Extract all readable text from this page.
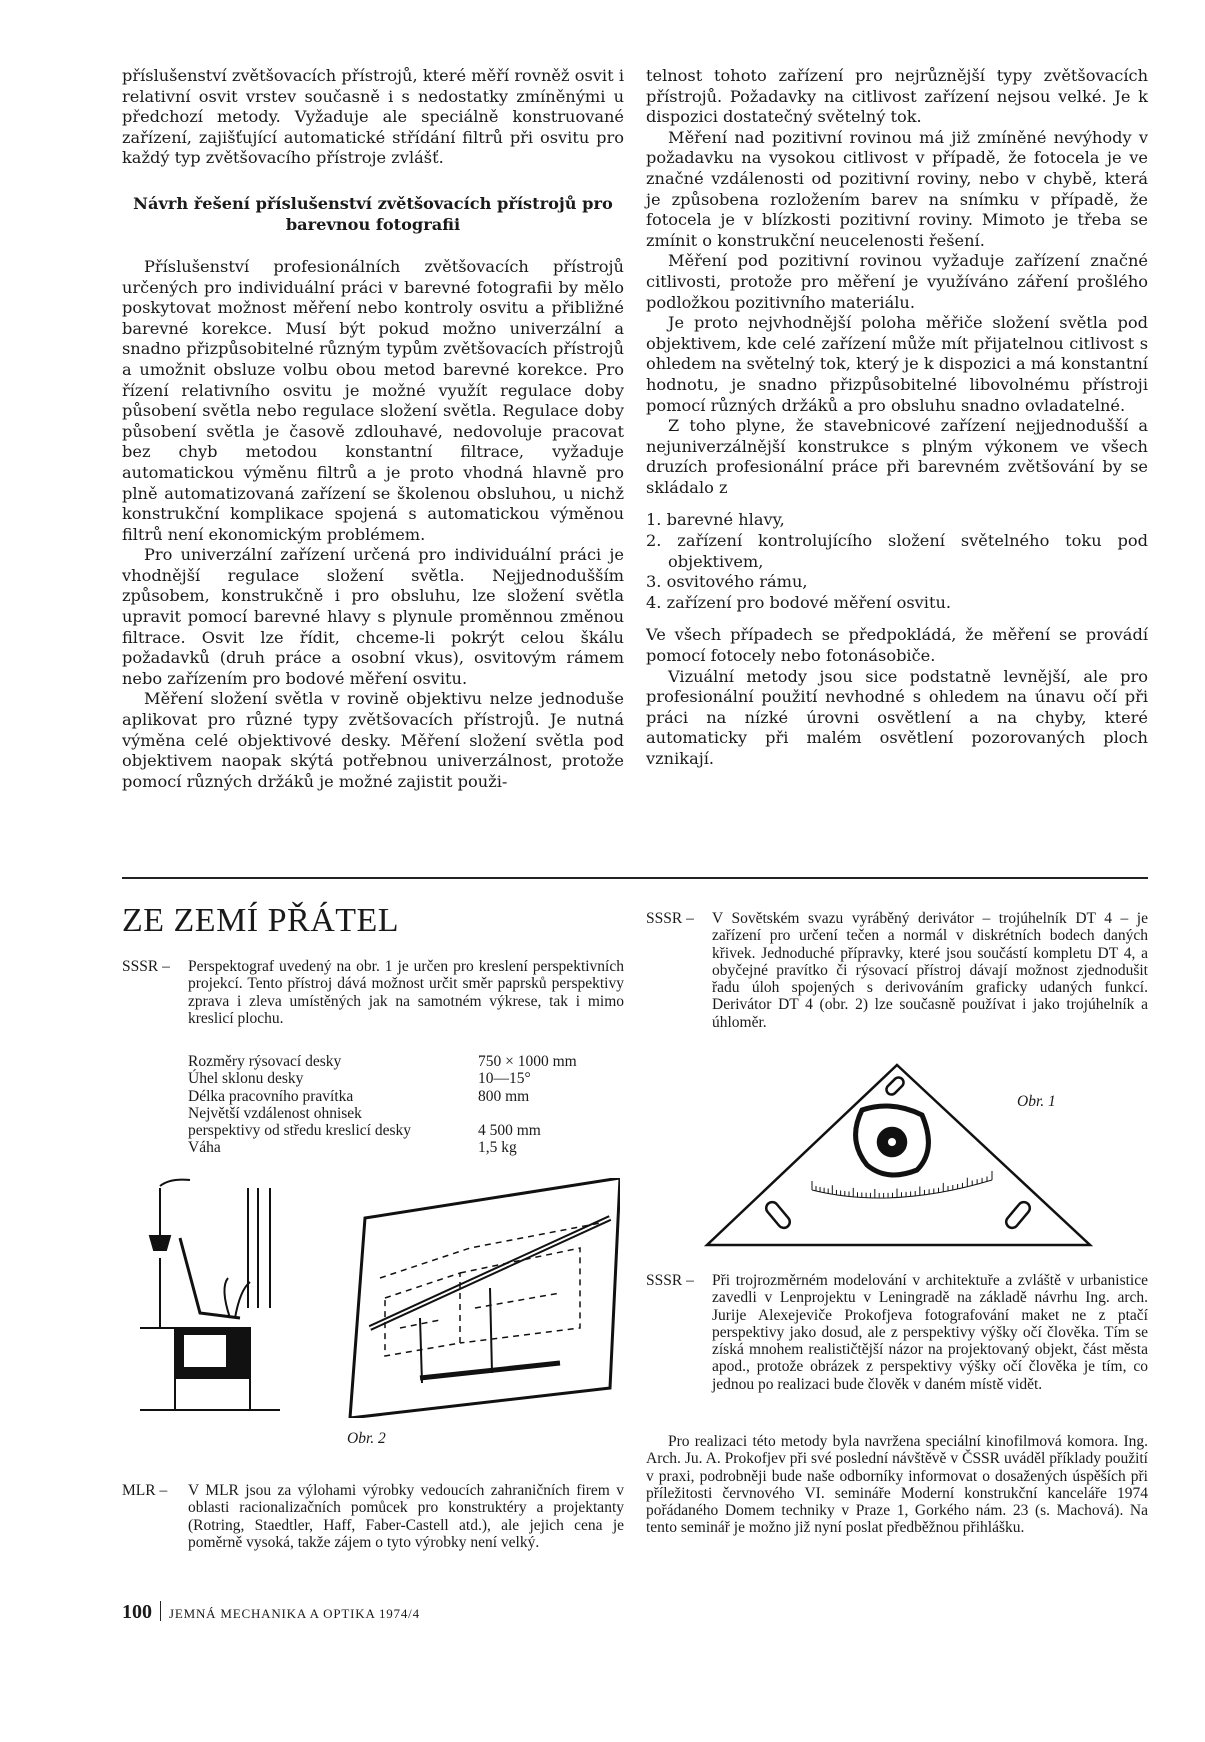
příslušenství zvětšovacích přístrojů, které měří rovněž osvit i relativní osvit vrstev současně i s nedostatky zmíněnými u předchozí metody. Vyžaduje ale speciálně konstruované zařízení, zajišťující automatické střídání filtrů při osvitu pro každý typ zvětšovacího přístroje zvlášť.

Návrh řešení příslušenství zvětšovacích přístrojů pro barevnou fotografii

Příslušenství profesionálních zvětšovacích přístrojů určených pro individuální práci v barevné fotografii by mělo poskytovat možnost měření nebo kontroly osvitu a přibližné barevné korekce. Musí být pokud možno univerzální a snadno přizpůsobitelné různým typům zvětšovacích přístrojů a umožnit obsluze volbu obou metod barevné korekce. Pro řízení relativního osvitu je možné využít regulace doby působení světla nebo regulace složení světla. Regulace doby působení světla je časově zdlouhavé, nedovoluje pracovat bez chyb metodou konstantní filtrace, vyžaduje automatickou výměnu filtrů a je proto vhodná hlavně pro plně automatizovaná zařízení se školenou obsluhou, u nichž konstrukční komplikace spojená s automatickou výměnou filtrů není ekonomickým problémem.

Pro univerzální zařízení určená pro individuální práci je vhodnější regulace složení světla. Nejjednodušším způsobem, konstrukčně i pro obsluhu, lze složení světla upravit pomocí barevné hlavy s plynule proměnnou změnou filtrace. Osvit lze řídit, chceme-li pokrýt celou škálu požadavků (druh práce a osobní vkus), osvitovým rámem nebo zařízením pro bodové měření osvitu.

Měření složení světla v rovině objektivu nelze jednoduše aplikovat pro různé typy zvětšovacích přístrojů. Je nutná výměna celé objektivové desky. Měření složení světla pod objektivem naopak skýtá potřebnou univerzálnost, protože pomocí různých držáků je možné zajistit použi-

telnost tohoto zařízení pro nejrůznější typy zvětšovacích přístrojů. Požadavky na citlivost zařízení nejsou velké. Je k dispozici dostatečný světelný tok.

Měření nad pozitivní rovinou má již zmíněné nevýhody v požadavku na vysokou citlivost v případě, že fotocela je ve značné vzdálenosti od pozitivní roviny, nebo v chybě, která je způsobena rozložením barev na snímku v případě, že fotocela je v blízkosti pozitivní roviny. Mimoto je třeba se zmínit o konstrukční neucelenosti řešení.

Měření pod pozitivní rovinou vyžaduje zařízení značné citlivosti, protože pro měření je využíváno záření prošlého podložkou pozitivního materiálu.

Je proto nejvhodnější poloha měřiče složení světla pod objektivem, kde celé zařízení může mít přijatelnou citlivost s ohledem na světelný tok, který je k dispozici a má konstantní hodnotu, je snadno přizpůsobitelné libovolnému přístroji pomocí různých držáků a pro obsluhu snadno ovladatelné.

Z toho plyne, že stavebnicové zařízení nejjednodušší a nejuniverzálnější konstrukce s plným výkonem ve všech druzích profesionální práce při barevném zvětšování by se skládalo z

1. barevné hlavy,
2. zařízení kontrolujícího složení světelného toku pod objektivem,
3. osvitového rámu,
4. zařízení pro bodové měření osvitu.

Ve všech případech se předpokládá, že měření se provádí pomocí fotocely nebo fotonásobiče.

Vizuální metody jsou sice podstatně levnější, ale pro profesionální použití nevhodné s ohledem na únavu očí při práci na nízké úrovni osvětlení a na chyby, které automaticky při malém osvětlení pozorovaných ploch vznikají.

ZE ZEMÍ PŘÁTEL
SSSR – Perspektograf uvedený na obr. 1 je určen pro kreslení perspektivních projekcí. Tento přístroj dává možnost určit směr paprsků perspektivy zprava i zleva umístěných jak na samotném výkrese, tak i mimo kreslicí plochu.
Rozměry rýsovací desky	750 × 1000 mm
Úhel sklonu desky	10—15°
Délka pracovního pravítka	800 mm
Největší vzdálenost ohnisek perspektivy od středu kreslicí desky	4 500 mm
Váha	1,5 kg
Obr. 2
MLR – V MLR jsou za výlohami výrobky vedoucích zahraničních firem v oblasti racionalizačních pomůcek pro konstruktéry a projektanty (Rotring, Staedtler, Haff, Faber-Castell atd.), ale jejich cena je poměrně vysoká, takže zájem o tyto výrobky není velký.
SSSR – V Sovětském svazu vyráběný derivátor – trojúhelník DT 4 – je zařízení pro určení tečen a normál v diskrétních bodech daných křivek. Jednoduché přípravky, které jsou součástí kompletu DT 4, a obyčejné pravítko či rýsovací přístroj dávají možnost zjednodušit řadu úloh spojených s derivováním graficky udaných funkcí. Derivátor DT 4 (obr. 2) lze současně používat i jako trojúhelník a úhloměr.
Obr. 1
SSSR – Při trojrozměrném modelování v architektuře a zvláště v urbanistice zavedli v Lenprojektu v Leningradě na základě návrhu Ing. arch. Jurije Alexejeviče Prokofjeva fotografování maket ne z ptačí perspektivy jako dosud, ale z perspektivy výšky očí člověka. Tím se získá mnohem realističtější názor na projektovaný objekt, část města apod., protože obrázek z perspektivy výšky očí člověka je tím, co jednou po realizaci bude člověk v daném místě vidět.
Pro realizaci této metody byla navržena speciální kinofilmová komora. Ing. Arch. Ju. A. Prokofjev při své poslední návštěvě v ČSSR uváděl příklady použití v praxi, podrobněji bude naše odborníky informovat o dosažených úspěších při příležitosti červnového VI. semináře Moderní konstrukční kanceláře 1974 pořádaného Domem techniky v Praze 1, Gorkého nám. 23 (s. Machová). Na tento seminář je možno již nyní poslat předběžnou přihlášku.
100 JEMNÁ MECHANIKA A OPTIKA 1974/4
